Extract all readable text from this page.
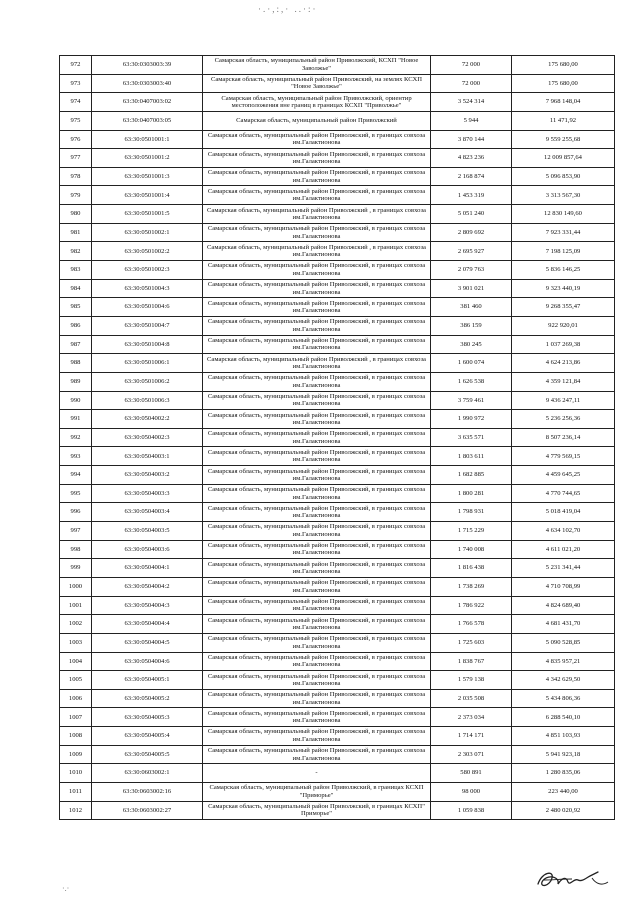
·.·,:,· ..·:·
972	63:30:0303003:39	Самарская область, муниципальный район Приволжский, КСХП "Новое Заволжье"	72 000	175 680,00
973	63:30:0303003:40	Самарская область, муниципальный район Приволжский, на землях КСХП "Новое Заволжье"	72 000	175 680,00
974	63:30:0407003:02	Самарская область, муниципальный район Приволжский, ориентир местоположения вне границ в границах КСХП "Приволжье"	3 524 314	7 968 148,04
975	63:30:0407003:05	Самарская область, муниципальный район Приволжский	5 944	11 471,92
976	63:30:0501001:1	Самарская область, муниципальный район Приволжский, в границах совхоза им.Галактионова	3 870 144	9 559 255,68
977	63:30:0501001:2	Самарская область, муниципальный район Приволжский, в границах совхоза им.Галактионова	4 823 236	12 009 857,64
978	63:30:0501001:3	Самарская область, муниципальный район Приволжский, в границах совхоза им.Галактионова	2 168 874	5 096 853,90
979	63:30:0501001:4	Самарская область, муниципальный район Приволжский, в границах совхоза им.Галактионова	1 453 319	3 313 567,30
980	63:30:0501001:5	Самарская область, муниципальный район Приволжский , в границах совхоза им.Галактионова	5 051 240	12 830 149,60
981	63:30:0501002:1	Самарская область, муниципальный район Приволжский, в границах совхоза им.Галактионова	2 809 692	7 923 331,44
982	63:30:0501002:2	Самарская область, муниципальный район Приволжский , в границах совхоза им.Галактионова	2 695 927	7 198 125,09
983	63:30:0501002:3	Самарская область, муниципальный район Приволжский, в границах совхоза им.Галактионова	2 079 763	5 836 146,25
984	63:30:0501004:3	Самарская область, муниципальный район Приволжский, в границах совхоза им.Галактионова	3 901 021	9 323 440,19
985	63:30:0501004:6	Самарская область, муниципальный район Приволжский, в границах совхоза им.Галактионова	381 460	9 268 355,47
986	63:30:0501004:7	Самарская область, муниципальный район Приволжский, в границах совхоза им.Галактионова	386 159	922 920,01
987	63:30:0501004:8	Самарская область, муниципальный район Приволжский, в границах совхоза им.Галактионова	380 245	1 037 269,38
988	63:30:0501006:1	Самарская область, муниципальный район Приволжский , в границах совхоза им.Галактионова	1 600 074	4 624 213,86
989	63:30:0501006:2	Самарская область, муниципальный район Приволжский, в границах совхоза им.Галактионова	1 626 538	4 359 121,84
990	63:30:0501006:3	Самарская область, муниципальный район Приволжский, в границах совхоза им.Галактионова	3 759 461	9 436 247,11
991	63:30:0504002:2	Самарская область, муниципальный район Приволжский, в границах совхоза им.Галактионова	1 990 972	5 236 256,36
992	63:30:0504002:3	Самарская область, муниципальный район Приволжский, в границах совхоза им.Галактионова	3 635 571	8 507 236,14
993	63:30:0504003:1	Самарская область, муниципальный район Приволжский, в границах совхоза им.Галактионова	1 803 611	4 779 569,15
994	63:30:0504003:2	Самарская область, муниципальный район Приволжский, в границах совхоза им.Галактионова	1 682 885	4 459 645,25
995	63:30:0504003:3	Самарская область, муниципальный район Приволжский, в границах совхоза им.Галактионова	1 800 281	4 770 744,65
996	63:30:0504003:4	Самарская область, муниципальный район Приволжский, в границах совхоза им.Галактионова	1 798 931	5 018 419,04
997	63:30:0504003:5	Самарская область, муниципальный район Приволжский, в границах совхоза им.Галактионова	1 715 229	4 634 102,70
998	63:30:0504003:6	Самарская область, муниципальный район Приволжский, в границах совхоза им.Галактионова	1 740 008	4 611 021,20
999	63:30:0504004:1	Самарская область, муниципальный район Приволжский, в границах совхоза им.Галактионова	1 816 438	5 231 341,44
1000	63:30:0504004:2	Самарская область, муниципальный район Приволжский, в границах совхоза им.Галактионова	1 738 269	4 710 708,99
1001	63:30:0504004:3	Самарская область, муниципальный район Приволжский, в границах совхоза им.Галактионова	1 786 922	4 824 689,40
1002	63:30:0504004:4	Самарская область, муниципальный район Приволжский, в границах совхоза им.Галактионова	1 766 578	4 681 431,70
1003	63:30:0504004:5	Самарская область, муниципальный район Приволжский, в границах совхоза им.Галактионова	1 725 603	5 090 528,85
1004	63:30:0504004:6	Самарская область, муниципальный район Приволжский, в границах совхоза им.Галактионова	1 838 767	4 835 957,21
1005	63:30:0504005:1	Самарская область, муниципальный район Приволжский, в границах совхоза им.Галактионова	1 579 138	4 342 629,50
1006	63:30:0504005:2	Самарская область, муниципальный район Приволжский, в границах совхоза им.Галактионова	2 035 508	5 434 806,36
1007	63:30:0504005:3	Самарская область, муниципальный район Приволжский, в границах совхоза им.Галактионова	2 373 034	6 288 540,10
1008	63:30:0504005:4	Самарская область, муниципальный район Приволжский, в границах совхоза им.Галактионова	1 714 171	4 851 103,93
1009	63:30:0504005:5	Самарская область, муниципальный район Приволжский, в границах совхоза им.Галактионова	2 303 071	5 941 923,18
1010	63:30:0603002:1	-	580 891	1 280 835,06
1011	63:30:0603002:16	Самарская область, муниципальный район Приволжский, в границах КСХП "Приморье"	98 000	223 440,00
1012	63:30:0603002:27	Самарская область, муниципальный район Приволжский, в границах КСХП" Приморье"	1 059 838	2 480 020,92
·.·
